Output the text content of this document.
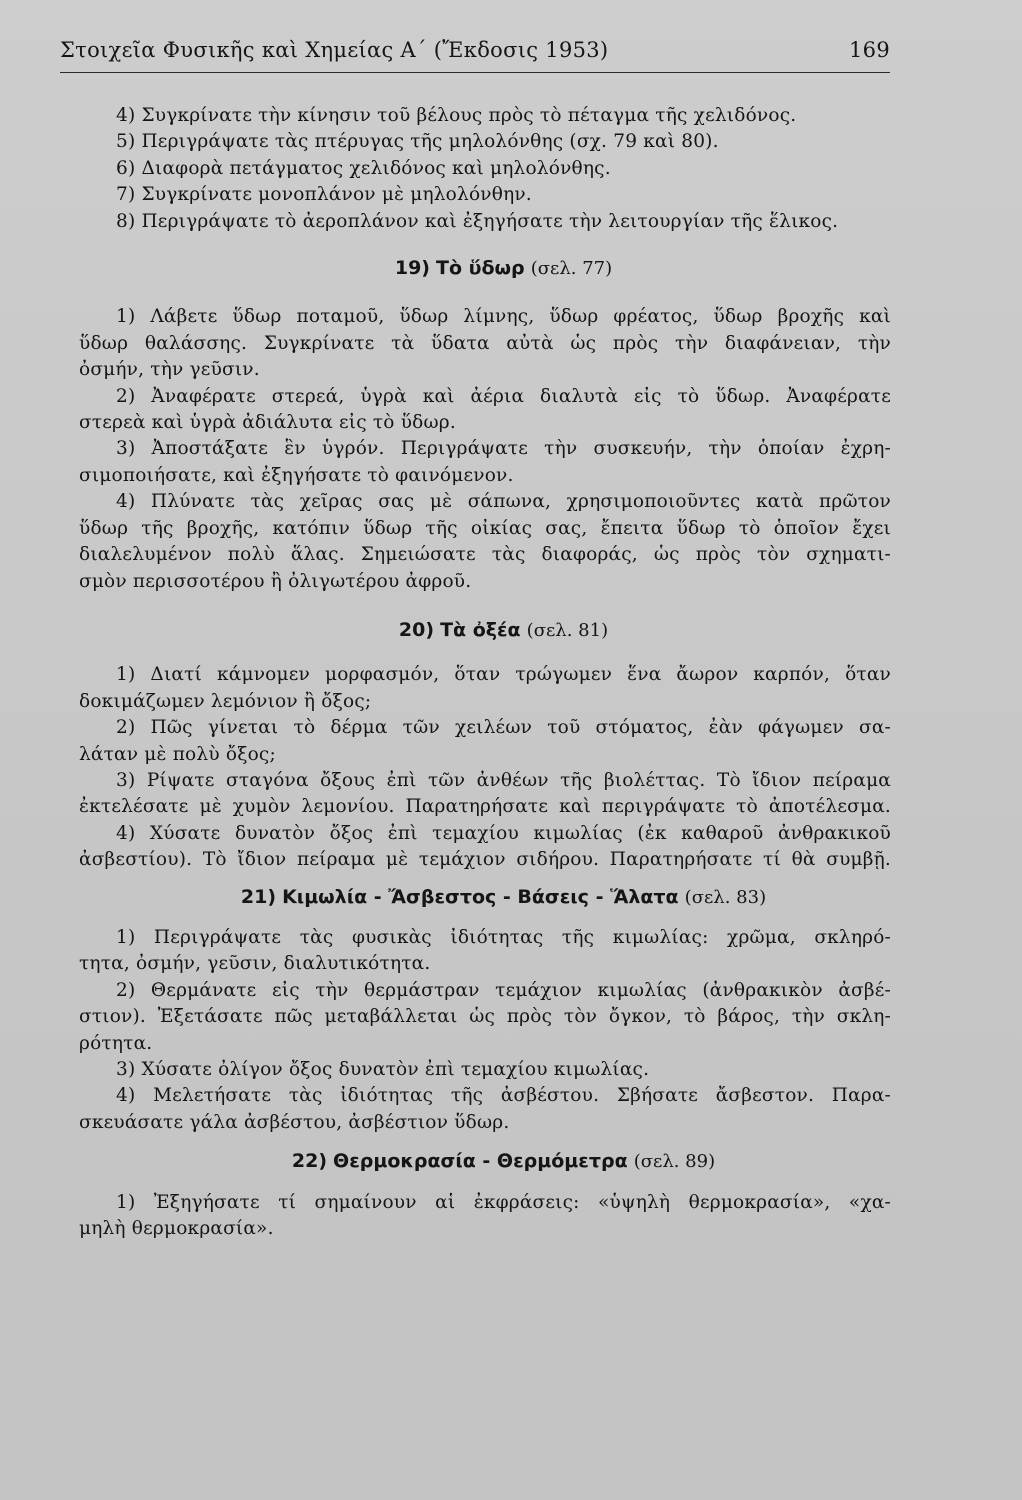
Στοιχεῖα Φυσικῆς καὶ Χημείας Α΄ (Ἔκδοσις 1953)	169
4) Συγκρίνατε τὴν κίνησιν τοῦ βέλους πρὸς τὸ πέταγμα τῆς χελιδόνος.
5) Περιγράψατε τὰς πτέρυγας τῆς μηλολόνθης (σχ. 79 καὶ 80).
6) Διαφορὰ πετάγματος χελιδόνος καὶ μηλολόνθης.
7) Συγκρίνατε μονοπλάνον μὲ μηλολόνθην.
8) Περιγράψατε τὸ ἀεροπλάνον καὶ ἐξηγήσατε τὴν λειτουργίαν τῆς ἕλικος.
19) Τὸ ὕδωρ (σελ. 77)
1) Λάβετε ὕδωρ ποταμοῦ, ὕδωρ λίμνης, ὕδωρ φρέατος, ὕδωρ βροχῆς καὶ
ὕδωρ θαλάσσης. Συγκρίνατε τὰ ὕδατα αὐτὰ ὡς πρὸς τὴν διαφάνειαν, τὴν
ὀσμήν, τὴν γεῦσιν.
2) Ἀναφέρατε στερεά, ὑγρὰ καὶ ἀέρια διαλυτὰ εἰς τὸ ὕδωρ. Ἀναφέρατε
στερεὰ καὶ ὑγρὰ ἀδιάλυτα εἰς τὸ ὕδωρ.
3) Ἀποστάξατε ἓν ὑγρόν. Περιγράψατε τὴν συσκευήν, τὴν ὁποίαν ἐχρη-
σιμοποιήσατε, καὶ ἐξηγήσατε τὸ φαινόμενον.
4) Πλύνατε τὰς χεῖρας σας μὲ σάπωνα, χρησιμοποιοῦντες κατὰ πρῶτον
ὕδωρ τῆς βροχῆς, κατόπιν ὕδωρ τῆς οἰκίας σας, ἔπειτα ὕδωρ τὸ ὁποῖον ἔχει
διαλελυμένον πολὺ ἅλας. Σημειώσατε τὰς διαφοράς, ὡς πρὸς τὸν σχηματι-
σμὸν περισσοτέρου ἢ ὀλιγωτέρου ἀφροῦ.
20) Τὰ ὀξέα (σελ. 81)
1) Διατί κάμνομεν μορφασμόν, ὅταν τρώγωμεν ἕνα ἄωρον καρπόν, ὅταν
δοκιμάζωμεν λεμόνιον ἢ ὄξος;
2) Πῶς γίνεται τὸ δέρμα τῶν χειλέων τοῦ στόματος, ἐὰν φάγωμεν σα-
λάταν μὲ πολὺ ὄξος;
3) Ρίψατε σταγόνα ὄξους ἐπὶ τῶν ἀνθέων τῆς βιολέττας. Τὸ ἴδιον πείραμα
ἐκτελέσατε μὲ χυμὸν λεμονίου. Παρατηρήσατε καὶ περιγράψατε τὸ ἀποτέλεσμα.
4) Χύσατε δυνατὸν ὄξος ἐπὶ τεμαχίου κιμωλίας (ἐκ καθαροῦ ἀνθρακικοῦ
ἀσβεστίου). Τὸ ἴδιον πείραμα μὲ τεμάχιον σιδήρου. Παρατηρήσατε τί θὰ συμβῇ.
21) Κιμωλία - Ἄσβεστος - Βάσεις - Ἅλατα (σελ. 83)
1) Περιγράψατε τὰς φυσικὰς ἰδιότητας τῆς κιμωλίας: χρῶμα, σκληρό-
τητα, ὀσμήν, γεῦσιν, διαλυτικότητα.
2) Θερμάνατε εἰς τὴν θερμάστραν τεμάχιον κιμωλίας (ἀνθρακικὸν ἀσβέ-
στιον). Ἐξετάσατε πῶς μεταβάλλεται ὡς πρὸς τὸν ὄγκον, τὸ βάρος, τὴν σκλη-
ρότητα.
3) Χύσατε ὀλίγον ὄξος δυνατὸν ἐπὶ τεμαχίου κιμωλίας.
4) Μελετήσατε τὰς ἰδιότητας τῆς ἀσβέστου. Σβήσατε ἄσβεστον. Παρα-
σκευάσατε γάλα ἀσβέστου, ἀσβέστιον ὕδωρ.
22) Θερμοκρασία - Θερμόμετρα (σελ. 89)
1) Ἐξηγήσατε τί σημαίνουν αἱ ἐκφράσεις: «ὑψηλὴ θερμοκρασία», «χα-
μηλὴ θερμοκρασία».
